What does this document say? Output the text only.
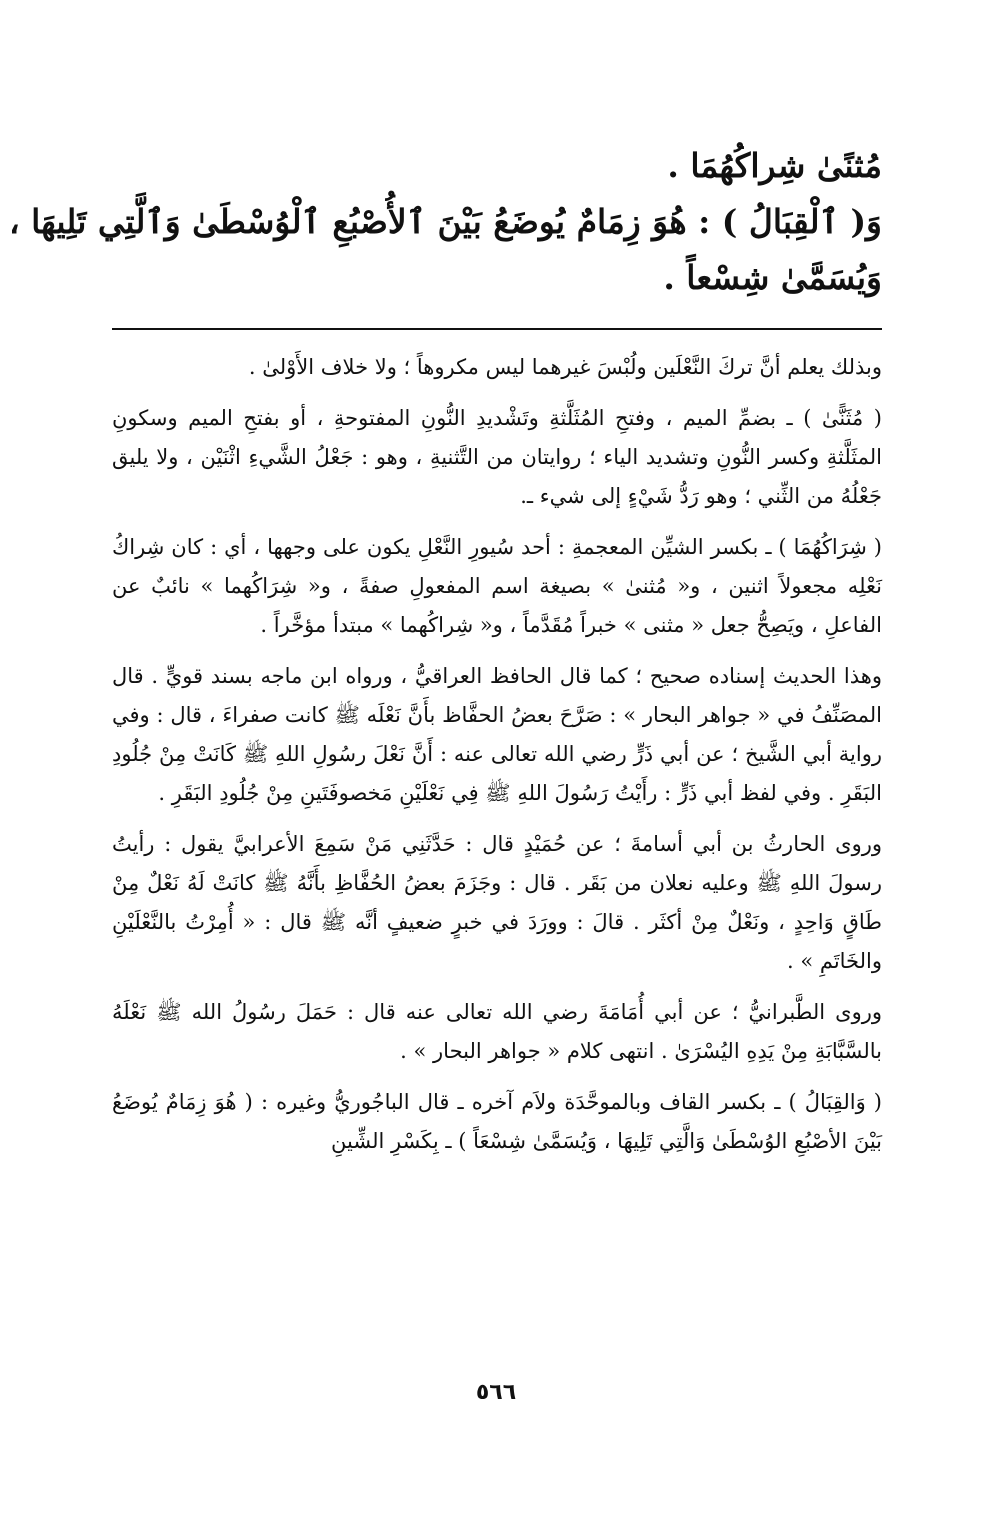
مُثنًىٰ شِراكُهُمَا .

وَ( ٱلْقِبَالُ ) : هُوَ زِمَامٌ يُوضَعُ بَيْنَ ٱلأُصْبُعِ ٱلْوُسْطَىٰ وَٱلَّتِي تَلِيهَا ،

وَيُسَمَّىٰ شِسْعاً .

وبذلك يعلم أنَّ تركَ النَّعْلَين ولُبْسَ غيرهما ليس مكروهاً ؛ ولا خلاف الأَوْلىٰ .

( مُثَنًّىٰ ) ـ بضمِّ الميم ، وفتحِ المُثَلَّثةِ وتَشْديدِ النُّونِ المفتوحةِ ، أو بفتحِ الميم وسكونِ المثَلَّثةِ وكسر النُّونِ وتشديد الياء ؛ روايتان من التَّثنيةِ ، وهو : جَعْلُ الشَّيءِ اثْنَيْن ، ولا يليق جَعْلُهُ من الثِّني ؛ وهو رَدُّ شَيْءٍ إلى شيء ـ.

( شِرَاكُهُمَا ) ـ بكسر الشيِّن المعجمةِ : أحد سُيورِ النَّعْلِ يكون على وجهها ، أي : كان شِراكُ نَعْلِه مجعولاً اثنين ، و« مُثنىٰ » بصيغة اسم المفعولِ صفةً ، و« شِرَاكُهما » نائبٌ عن الفاعلِ ، ويَصِحُّ جعل « مثنى » خبراً مُقَدَّماً ، و« شِراكُهما » مبتدأ مؤخَّراً .

وهذا الحديث إسناده صحيح ؛ كما قال الحافظ العراقيُّ ، ورواه ابن ماجه بسند قويٍّ . قال المصَنِّفُ في « جواهر البحار » : صَرَّحَ بعضُ الحفَّاظ بأَنَّ نَعْلَه ﷺ كانت صفراءَ ، قال : وفي رواية أبي الشَّيخ ؛ عن أبي ذَرٍّ رضي الله تعالى عنه : أَنَّ نَعْلَ رسُولِ اللهِ ﷺ كَانَتْ مِنْ جُلُودِ البَقَرِ . وفي لفظ أبي ذَرٍّ : رأَيْتُ رَسُولَ اللهِ ﷺ فِي نَعْلَيْنِ مَخصوفَتَينِ مِنْ جُلُودِ البَقَرِ .

وروى الحارثُ بن أبي أسامةَ ؛ عن حُمَيْدٍ قال : حَدَّثَنِي مَنْ سَمِعَ الأعرابيَّ يقول : رأيتُ رسولَ اللهِ ﷺ وعليه نعلان من بَقَر . قال : وجَزَمَ بعضُ الحُفَّاظِ بأَنَّهُ ﷺ كانَتْ لَهُ نَعْلٌ مِنْ طَاقٍ وَاحِدٍ ، ونَعْلٌ مِنْ أكثَر . قالَ : وورَدَ في خبرٍ ضعيفٍ أنَّه ﷺ قال : « أُمِرْتُ بالنَّعْلَيْنِ والخَاتَمِ » .

وروى الطَّبرانيُّ ؛ عن أبي أُمَامَةَ رضي الله تعالى عنه قال : حَمَلَ رسُولُ الله ﷺ نَعْلَهُ بالسَّبَّابَةِ مِنْ يَدِهِ اليُسْرَىٰ . انتهى كلام « جواهر البحار » .

( وَالقِبَالُ ) ـ بكسر القاف وبالموحَّدَة ولاَم آخره ـ قال الباجُوريُّ وغيره : ( هُوَ زِمَامٌ يُوضَعُ بَيْنَ الأصْبُعِ الوُسْطَىٰ وَالَّتِي تَلِيهَا ، وَيُسَمَّىٰ شِسْعَاً ) ـ بِكَسْرِ الشِّينِ

٥٦٦
